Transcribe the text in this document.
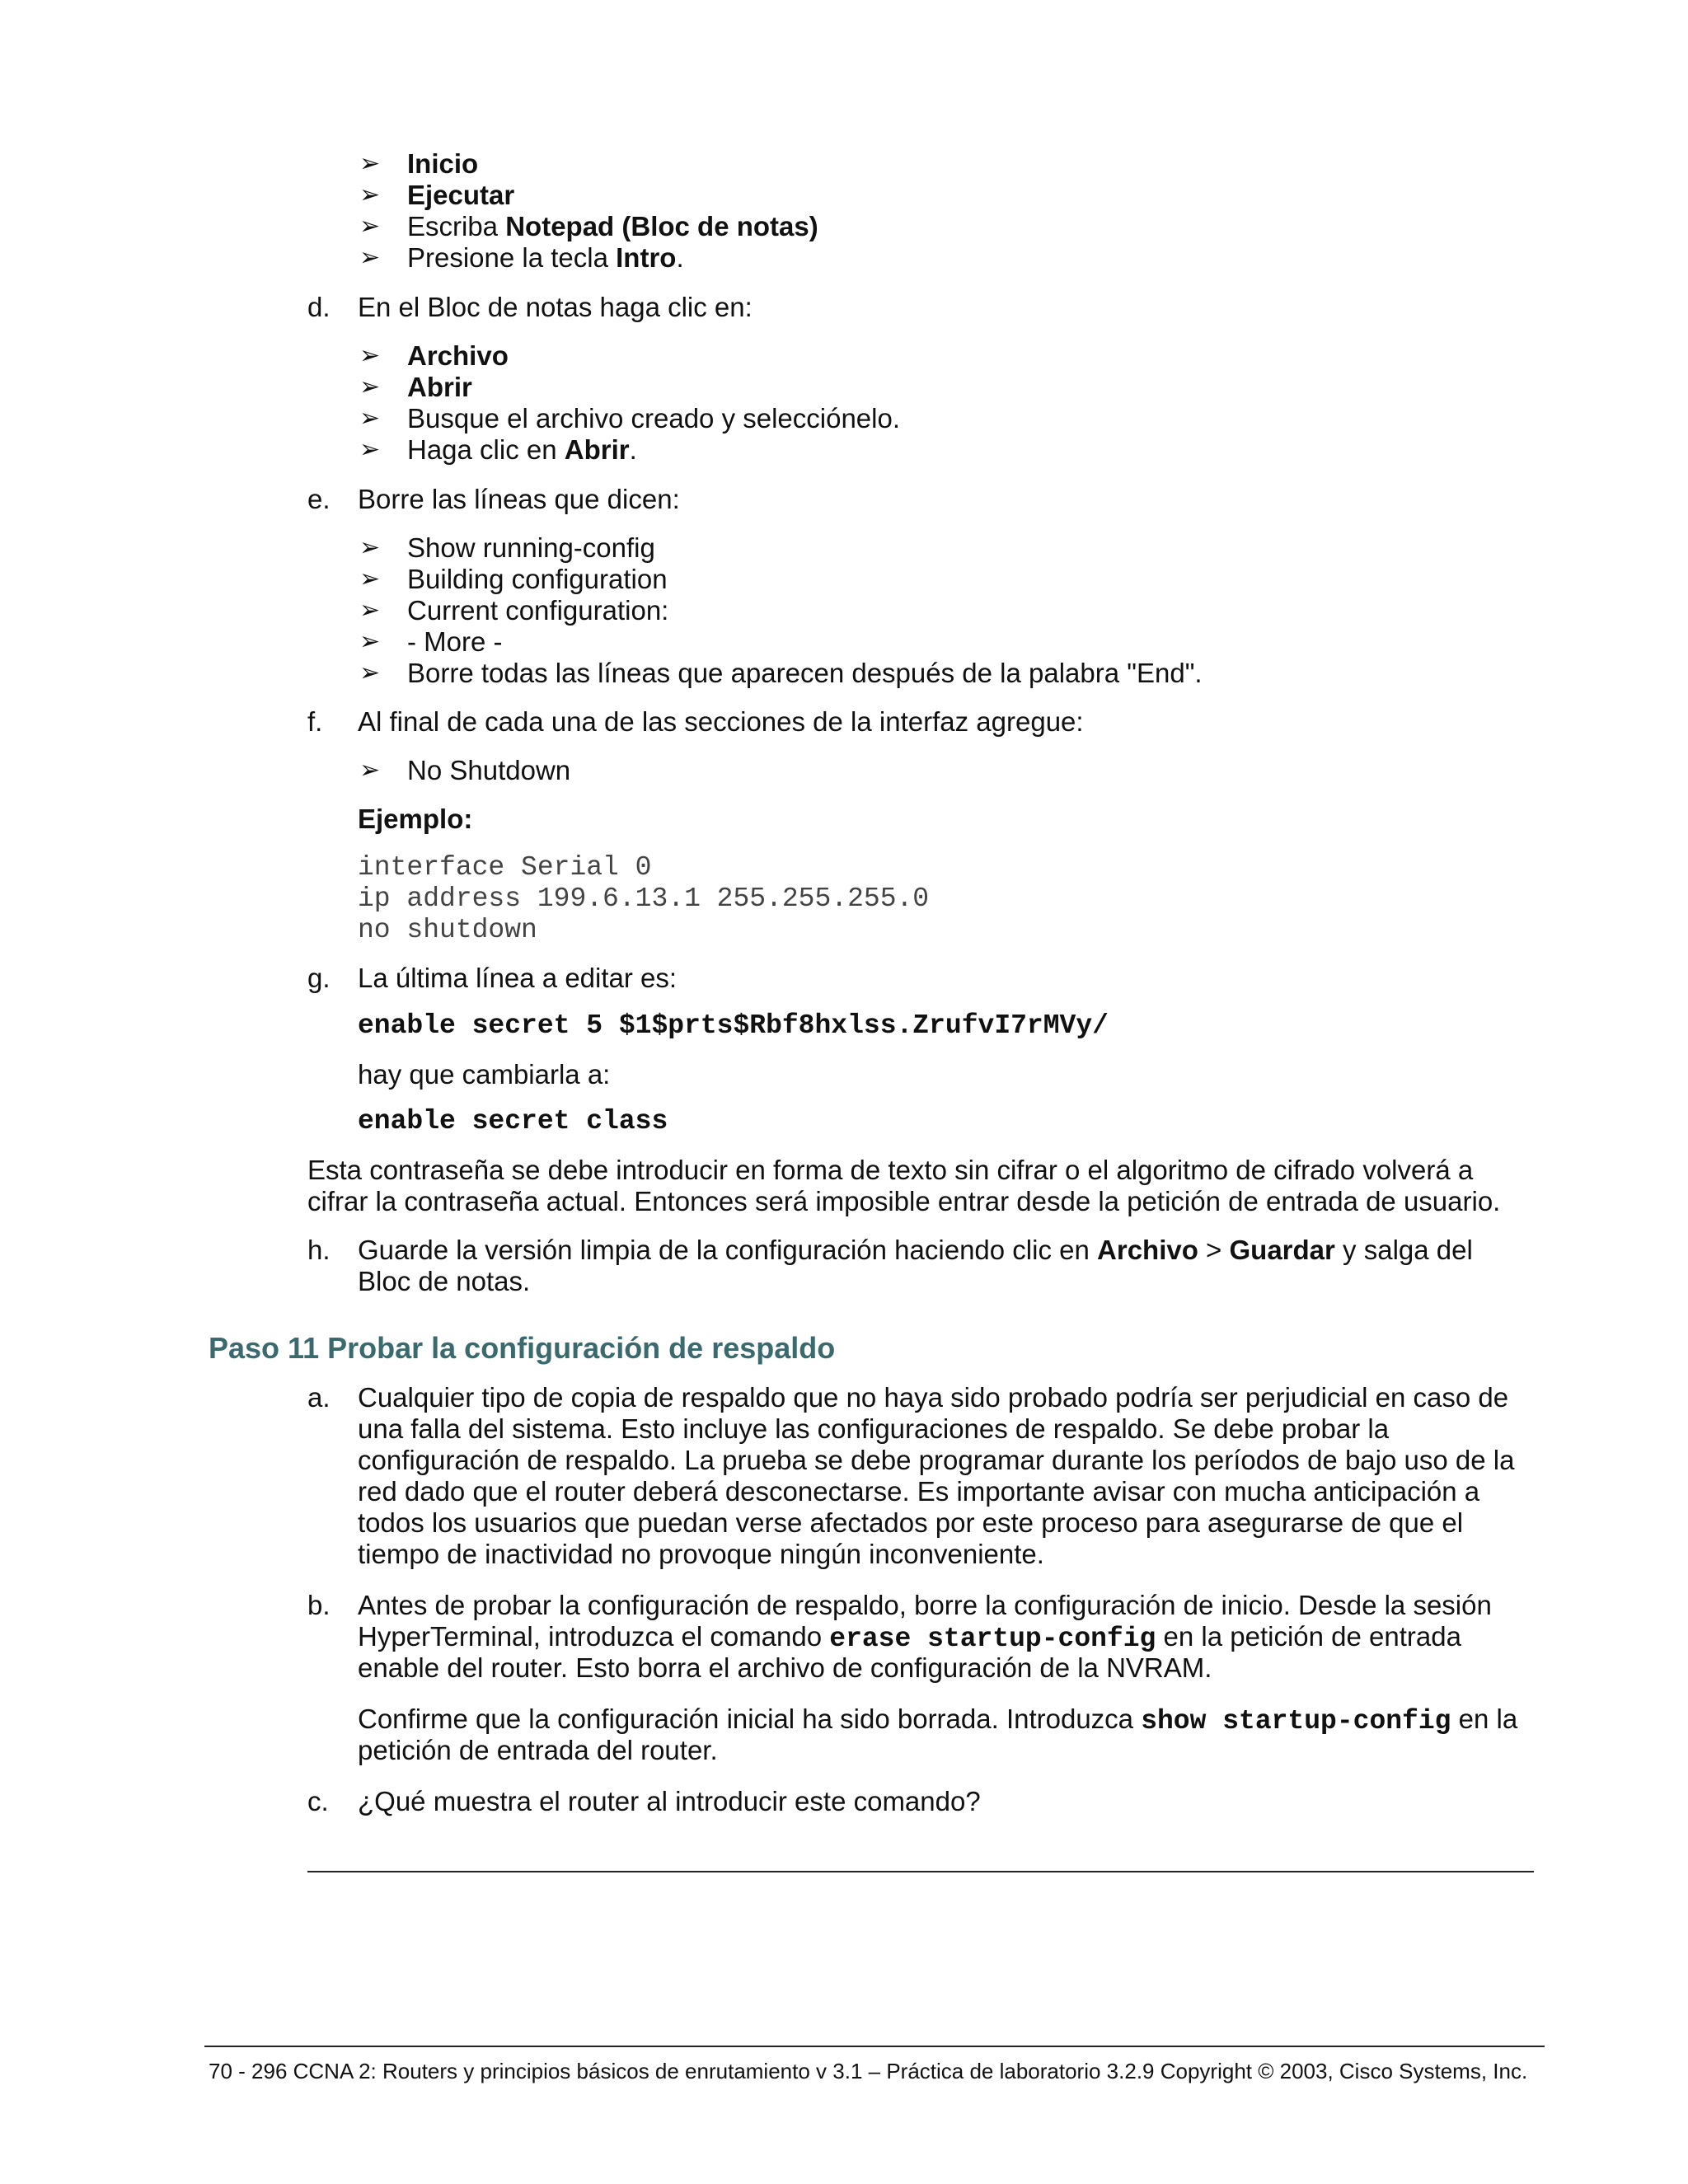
➢ Inicio
➢ Ejecutar
➢ Escriba Notepad (Bloc de notas)
➢ Presione la tecla Intro.
d. En el Bloc de notas haga clic en:
➢ Archivo
➢ Abrir
➢ Busque el archivo creado y selecciónelo.
➢ Haga clic en Abrir.
e. Borre las líneas que dicen:
➢ Show running-config
➢ Building configuration
➢ Current configuration:
➢ - More -
➢ Borre todas las líneas que aparecen después de la palabra "End".
f. Al final de cada una de las secciones de la interfaz agregue:
➢ No Shutdown
Ejemplo:
interface Serial 0
ip address 199.6.13.1 255.255.255.0
no shutdown
g. La última línea a editar es:
enable secret 5 $1$prts$Rbf8hxlss.ZrufvI7rMVy/
hay que cambiarla a:
enable secret class
Esta contraseña se debe introducir en forma de texto sin cifrar o el algoritmo de cifrado volverá a
cifrar la contraseña actual. Entonces será imposible entrar desde la petición de entrada de usuario.
h. Guarde la versión limpia de la configuración haciendo clic en Archivo > Guardar y salga del
Bloc de notas.
Paso 11 Probar la configuración de respaldo
a. Cualquier tipo de copia de respaldo que no haya sido probado podría ser perjudicial en caso de
una falla del sistema. Esto incluye las configuraciones de respaldo. Se debe probar la
configuración de respaldo. La prueba se debe programar durante los períodos de bajo uso de la
red dado que el router deberá desconectarse. Es importante avisar con mucha anticipación a
todos los usuarios que puedan verse afectados por este proceso para asegurarse de que el
tiempo de inactividad no provoque ningún inconveniente.
b. Antes de probar la configuración de respaldo, borre la configuración de inicio. Desde la sesión
HyperTerminal, introduzca el comando erase startup-config en la petición de entrada
enable del router. Esto borra el archivo de configuración de la NVRAM.
Confirme que la configuración inicial ha sido borrada. Introduzca show startup-config en la
petición de entrada del router.
c. ¿Qué muestra el router al introducir este comando?
70 - 296 CCNA 2: Routers y principios básicos de enrutamiento v 3.1 – Práctica de laboratorio 3.2.9 Copyright © 2003, Cisco Systems, Inc.
